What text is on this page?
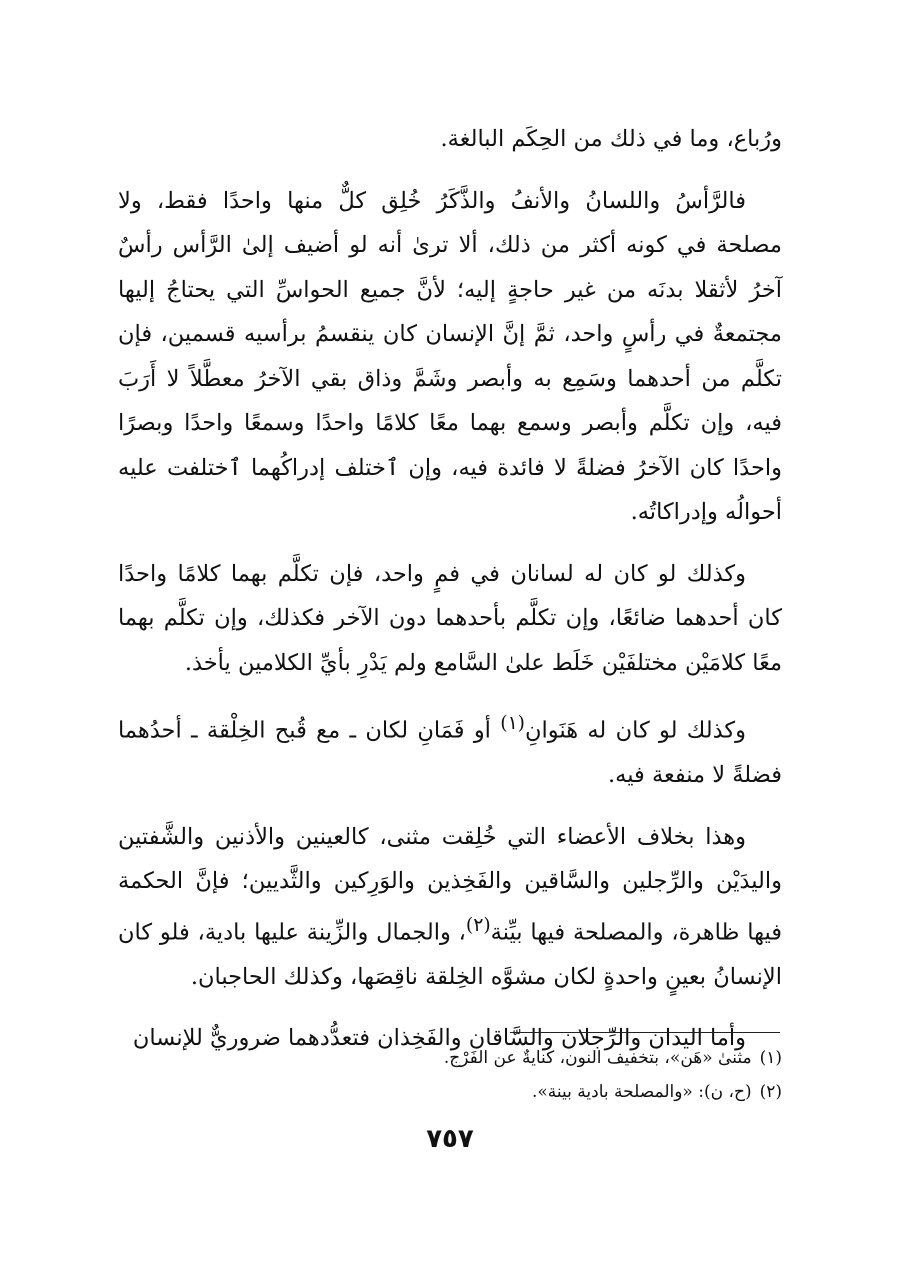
ورُباع، وما في ذلك من الحِكَم البالغة.

فالرَّأسُ واللسانُ والأنفُ والذَّكَرُ خُلِق كلٌّ منها واحدًا فقط، ولا مصلحة في كونه أكثر من ذلك، ألا ترىٰ أنه لو أضيف إلىٰ الرَّأس رأسٌ آخرُ لأثقلا بدنَه من غير حاجةٍ إليه؛ لأنَّ جميع الحواسِّ التي يحتاجُ إليها مجتمعةٌ في رأسٍ واحد، ثمَّ إنَّ الإنسان كان ينقسمُ برأسيه قسمين، فإن تكلَّم من أحدهما وسَمِع به وأبصر وشَمَّ وذاق بقي الآخرُ معطَّلاً لا أَرَبَ فيه، وإن تكلَّم وأبصر وسمع بهما معًا كلامًا واحدًا وسمعًا واحدًا وبصرًا واحدًا كان الآخرُ فضلةً لا فائدة فيه، وإن ٱختلف إدراكُهما ٱختلفت عليه أحوالُه وإدراكاتُه.

وكذلك لو كان له لسانان في فمٍ واحد، فإن تكلَّم بهما كلامًا واحدًا كان أحدهما ضائعًا، وإن تكلَّم بأحدهما دون الآخر فكذلك، وإن تكلَّم بهما معًا كلامَيْن مختلفَيْن خَلَط علىٰ السَّامع ولم يَدْرِ بأيِّ الكلامين يأخذ.

وكذلك لو كان له هَنَوانِ$^{(١)}$ أو فَمَانِ لكان ـ مع قُبح الخِلْقة ـ أحدُهما فضلةً لا منفعة فيه.

وهذا بخلاف الأعضاء التي خُلِقت مثنى، كالعينين والأذنين والشَّفتين واليدَيْن والرِّجلين والسَّاقين والفَخِذين والوَرِكين والثَّديين؛ فإنَّ الحكمة فيها ظاهرة، والمصلحة فيها بيِّنة$^{(٢)}$، والجمال والزِّينة عليها بادية، فلو كان الإنسانُ بعينٍ واحدةٍ لكان مشوَّه الخِلقة ناقِصَها، وكذلك الحاجبان.

وأما اليدان والرِّجلان والسَّاقان والفَخِذان فتعدُّدهما ضروريٌّ للإنسان

(١)مثنىٰ «هَن»، بتخفيف النون، كنايةٌ عن الفَرْج.

(٢)(ح، ن): «والمصلحة بادية بينة».

٧٥٧
